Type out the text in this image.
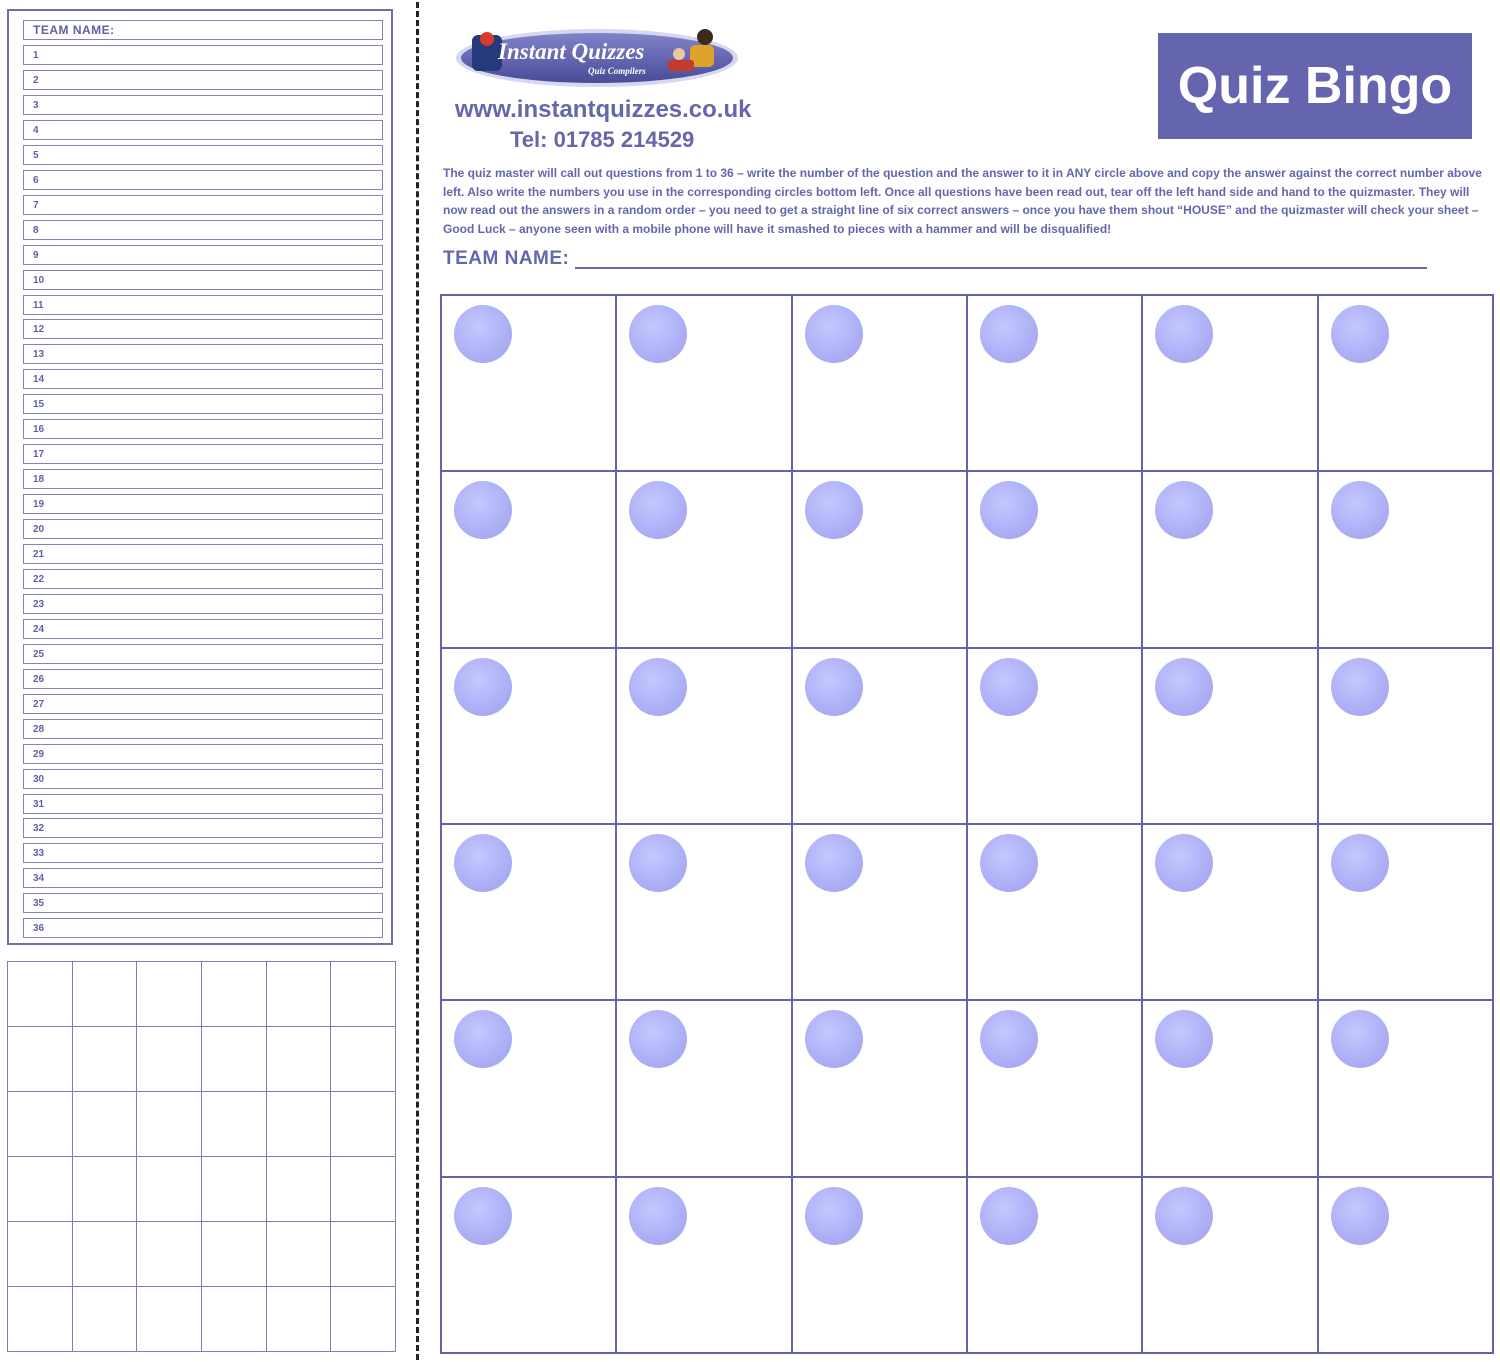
TEAM NAME:
1
2
3
4
5
6
7
8
9
10
11
12
13
14
15
16
17
18
19
20
21
22
23
24
25
26
27
28
29
30
31
32
33
34
35
36

Instant Quizzes
Quiz Compilers
www.instantquizzes.co.uk
Tel: 01785 214529
Quiz Bingo
The quiz master will call out questions from 1 to 36 – write the number of the question and the answer to it in ANY circle above and copy the answer against the correct number above left. Also write the numbers you use in the corresponding circles bottom left. Once all questions have been read out, tear off the left hand side and hand to the quizmaster. They will now read out the answers in a random order – you need to get a straight line of six correct answers – once you have them shout “HOUSE” and the quizmaster will check your sheet – Good Luck – anyone seen with a mobile phone will have it smashed to pieces with a hammer and will be disqualified!
TEAM NAME:
